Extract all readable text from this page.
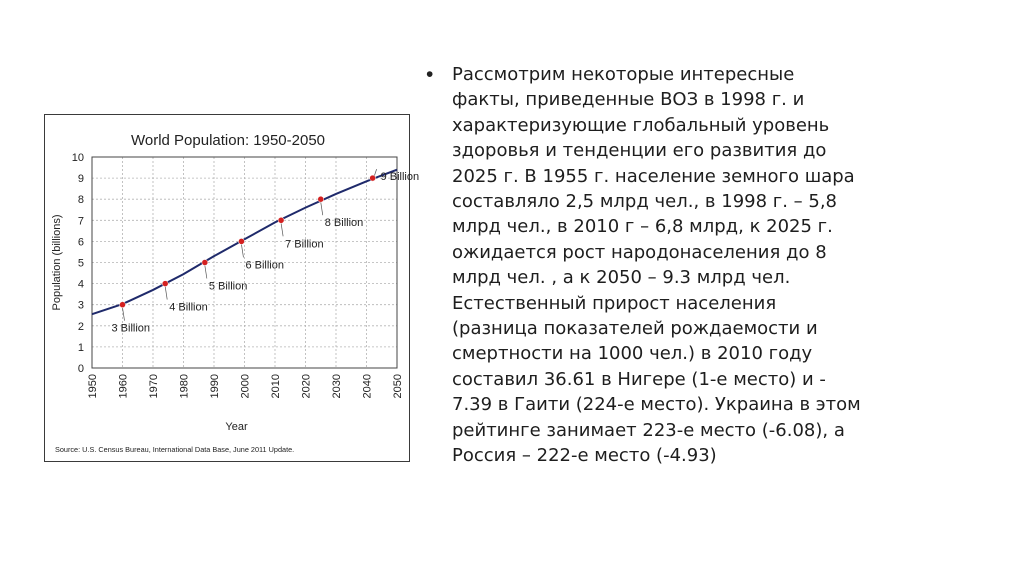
World Population: 1950-2050
0
1
2
3
4
5
6
7
8
9
10
1950 1960 1970 1980 1990 2000 2010 2020 2030 2040 2050
Year
Population (billions)
3 Billion
4 Billion
5 Billion
6 Billion
7 Billion
8 Billion
9 Billion
Source: U.S. Census Bureau, International Data Base, June 2011 Update.
•	Рассмотрим некоторые интересные
факты, приведенные ВОЗ в 1998 г. и
характеризующие глобальный уровень
здоровья и тенденции его развития до
2025 г. В 1955 г. население земного шара
составляло 2,5 млрд чел., в 1998 г. – 5,8
млрд чел., в 2010 г – 6,8 млрд, к 2025 г.
ожидается рост народонаселения до 8
млрд чел. , а к 2050 – 9.3 млрд чел.
Естественный прирост населения
(разница показателей рождаемости и
смертности на 1000 чел.) в 2010 году
составил 36.61 в Нигере (1-е место) и -
7.39 в Гаити (224-е место). Украина в этом
рейтинге занимает 223-е место (-6.08), а
Россия – 222-е место (-4.93)
